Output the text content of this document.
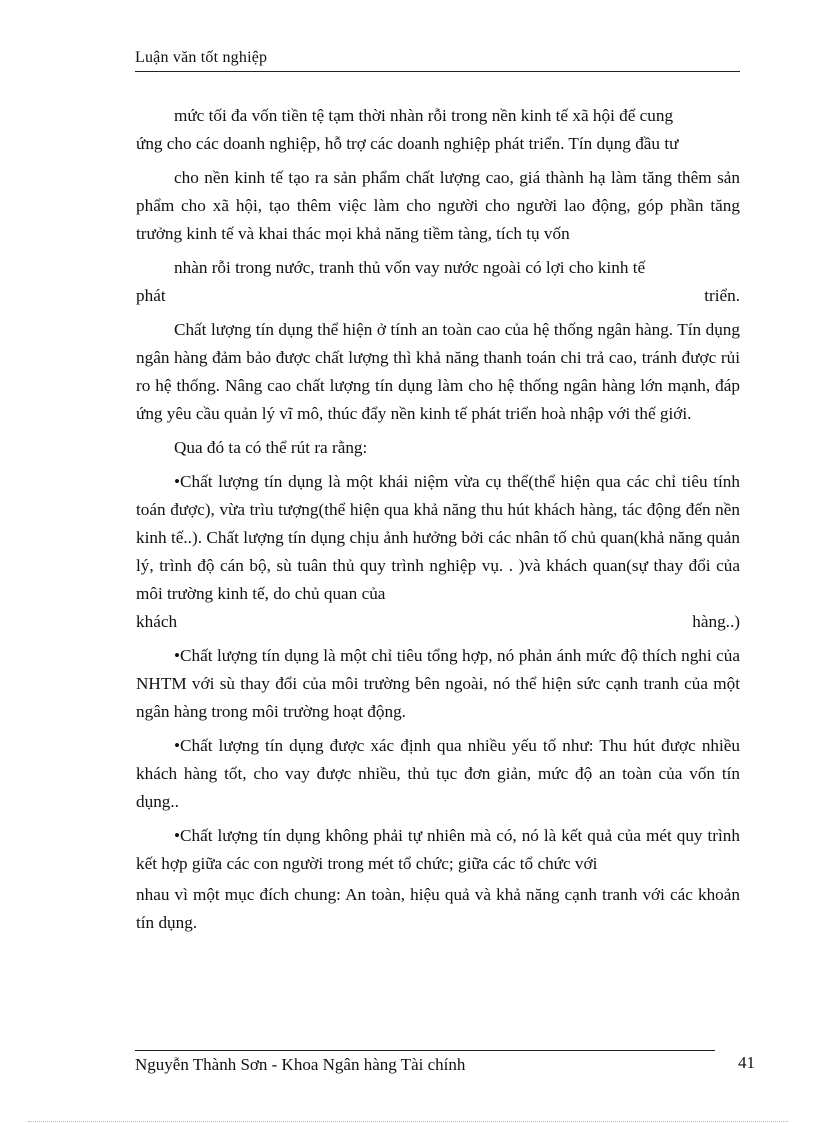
Luận văn tốt nghiệp

mức tối đa vốn tiền tệ tạm thời nhàn rỗi trong nền kinh tế xã hội để cung

ứng cho các doanh nghiệp, hỗ trợ các doanh nghiệp phát triển. Tín dụng đầu tư

cho nền kinh tế tạo ra sản phẩm chất lượng cao, giá thành hạ làm tăng thêm sản phẩm cho xã hội, tạo thêm việc làm cho người cho người lao động, góp phần tăng trưởng kinh tế và khai thác mọi khả năng tiềm tàng, tích tụ vốn

nhàn rỗi trong nước, tranh thủ vốn vay nước ngoài có lợi cho kinh tế

phát	triển.

Chất lượng tín dụng thể hiện ở tính an toàn cao của hệ thống ngân hàng. Tín dụng ngân hàng đảm bảo được chất lượng thì khả năng thanh toán chi trả cao, tránh được rủi ro hệ thống. Nâng cao chất lượng tín dụng làm cho hệ thống ngân hàng lớn mạnh, đáp ứng yêu cầu quản lý vĩ mô, thúc đẩy nền kinh tế phát triển hoà nhập với thế giới.

Qua đó ta có thể rút ra rằng:

•Chất lượng tín dụng là một khái niệm vừa cụ thể(thể hiện qua các chỉ tiêu tính toán được), vừa trìu tượng(thể hiện qua khả năng thu hút khách hàng, tác động đến nền kinh tế..). Chất lượng tín dụng chịu ảnh hưởng bởi các nhân tố chủ quan(khả năng quản lý, trình độ cán bộ, sù tuân thủ quy trình nghiệp vụ. . )và khách quan(sự thay đổi của môi trường kinh tế, do chủ quan của

khách	hàng..)

•Chất lượng tín dụng là một chỉ tiêu tổng hợp, nó phản ánh mức độ thích nghi của NHTM với sù thay đổi của môi trường bên ngoài, nó thể hiện sức cạnh tranh của một ngân hàng trong môi trường hoạt động.

•Chất lượng tín dụng được xác định qua nhiều yếu tố như: Thu hút được nhiều khách hàng tốt, cho vay được nhiều, thủ tục đơn giản, mức độ an toàn của vốn tín dụng..

•Chất lượng tín dụng không phải tự nhiên mà có, nó là kết quả của mét quy trình kết hợp giữa các con người trong mét tổ chức; giữa các tổ chức với

nhau vì một mục đích chung: An toàn, hiệu quả và khả năng cạnh tranh với các khoản tín dụng.

Nguyễn Thành Sơn - Khoa Ngân hàng Tài chính	41
